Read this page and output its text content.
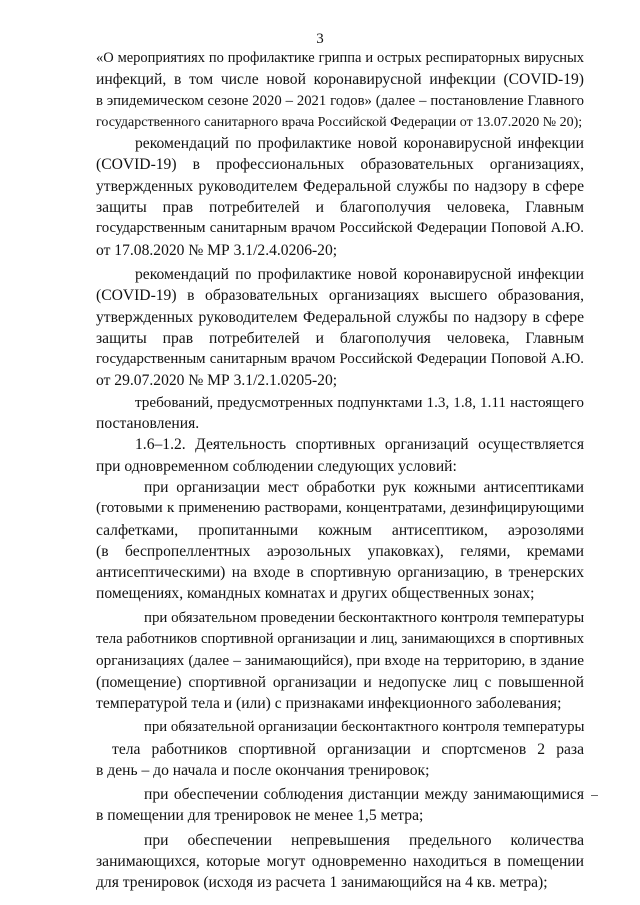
3

«О мероприятиях по профилактике гриппа и острых респираторных вирусных
инфекций, в том числе новой коронавирусной инфекции (COVID-19)
в эпидемическом сезоне 2020 – 2021 годов» (далее – постановление Главного
государственного санитарного врача Российской Федерации от 13.07.2020 № 20);

рекомендаций по профилактике новой коронавирусной инфекции
(COVID-19) в профессиональных образовательных организациях,
утвержденных руководителем Федеральной службы по надзору в сфере
защиты прав потребителей и благополучия человека, Главным
государственным санитарным врачом Российской Федерации Поповой А.Ю.
от 17.08.2020 № МР 3.1/2.4.0206-20;

рекомендаций по профилактике новой коронавирусной инфекции
(COVID-19) в образовательных организациях высшего образования,
утвержденных руководителем Федеральной службы по надзору в сфере
защиты прав потребителей и благополучия человека, Главным
государственным санитарным врачом Российской Федерации Поповой А.Ю.
от 29.07.2020 № МР 3.1/2.1.0205-20;

требований, предусмотренных подпунктами 1.3, 1.8, 1.11 настоящего
постановления.

1.6–1.2. Деятельность спортивных организаций осуществляется
при одновременном соблюдении следующих условий:

при организации мест обработки рук кожными антисептиками
(готовыми к применению растворами, концентратами, дезинфицирующими
салфетками, пропитанными кожным антисептиком, аэрозолями
(в беспропеллентных аэрозольных упаковках), гелями, кремами
антисептическими) на входе в спортивную организацию, в тренерских
помещениях, командных комнатах и других общественных зонах;

при обязательном проведении бесконтактного контроля температуры
тела работников спортивной организации и лиц, занимающихся в спортивных
организациях (далее – занимающийся), при входе на территорию, в здание
(помещение) спортивной организации и недопуске лиц с повышенной
температурой тела и (или) с признаками инфекционного заболевания;

при обязательной организации бесконтактного контроля температуры
тела работников спортивной организации и спортсменов 2 раза
в день – до начала и после окончания тренировок;

при обеспечении соблюдения дистанции между занимающимися
в помещении для тренировок не менее 1,5 метра;

при обеспечении непревышения предельного количества
занимающихся, которые могут одновременно находиться в помещении
для тренировок (исходя из расчета 1 занимающийся на 4 кв. метра);
